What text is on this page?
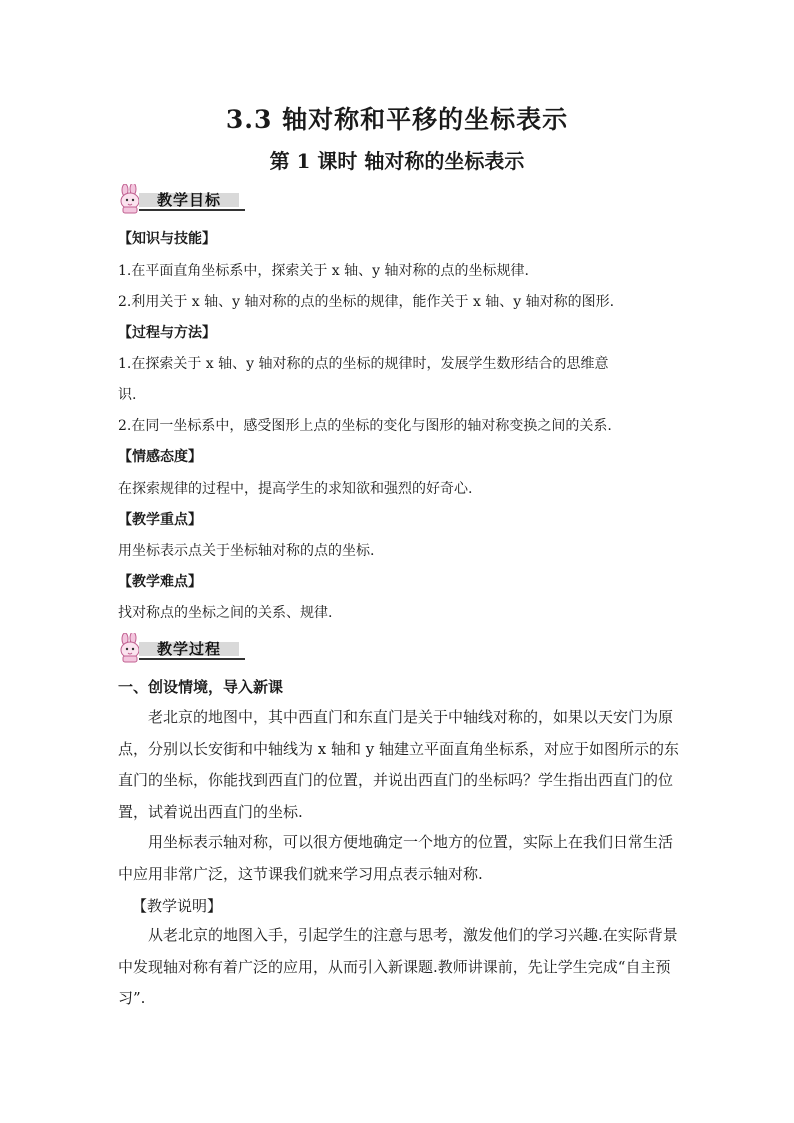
3.3 轴对称和平移的坐标表示
第 1 课时 轴对称的坐标表示
教学目标
【知识与技能】
1.在平面直角坐标系中，探索关于 x 轴、y 轴对称的点的坐标规律.
2.利用关于 x 轴、y 轴对称的点的坐标的规律，能作关于 x 轴、y 轴对称的图形.
【过程与方法】
1.在探索关于 x 轴、y 轴对称的点的坐标的规律时，发展学生数形结合的思维意
识.
2.在同一坐标系中，感受图形上点的坐标的变化与图形的轴对称变换之间的关系.
【情感态度】
在探索规律的过程中，提高学生的求知欲和强烈的好奇心.
【教学重点】
用坐标表示点关于坐标轴对称的点的坐标.
【教学难点】
找对称点的坐标之间的关系、规律.
教学过程
一、创设情境，导入新课
老北京的地图中，其中西直门和东直门是关于中轴线对称的，如果以天安门为原点，分别以长安街和中轴线为 x 轴和 y 轴建立平面直角坐标系，对应于如图所示的东直门的坐标，你能找到西直门的位置，并说出西直门的坐标吗？学生指出西直门的位置，试着说出西直门的坐标.
用坐标表示轴对称，可以很方便地确定一个地方的位置，实际上在我们日常生活中应用非常广泛，这节课我们就来学习用点表示轴对称.
【教学说明】
从老北京的地图入手，引起学生的注意与思考，激发他们的学习兴趣.在实际背景中发现轴对称有着广泛的应用，从而引入新课题.教师讲课前，先让学生完成“自主预习”.
